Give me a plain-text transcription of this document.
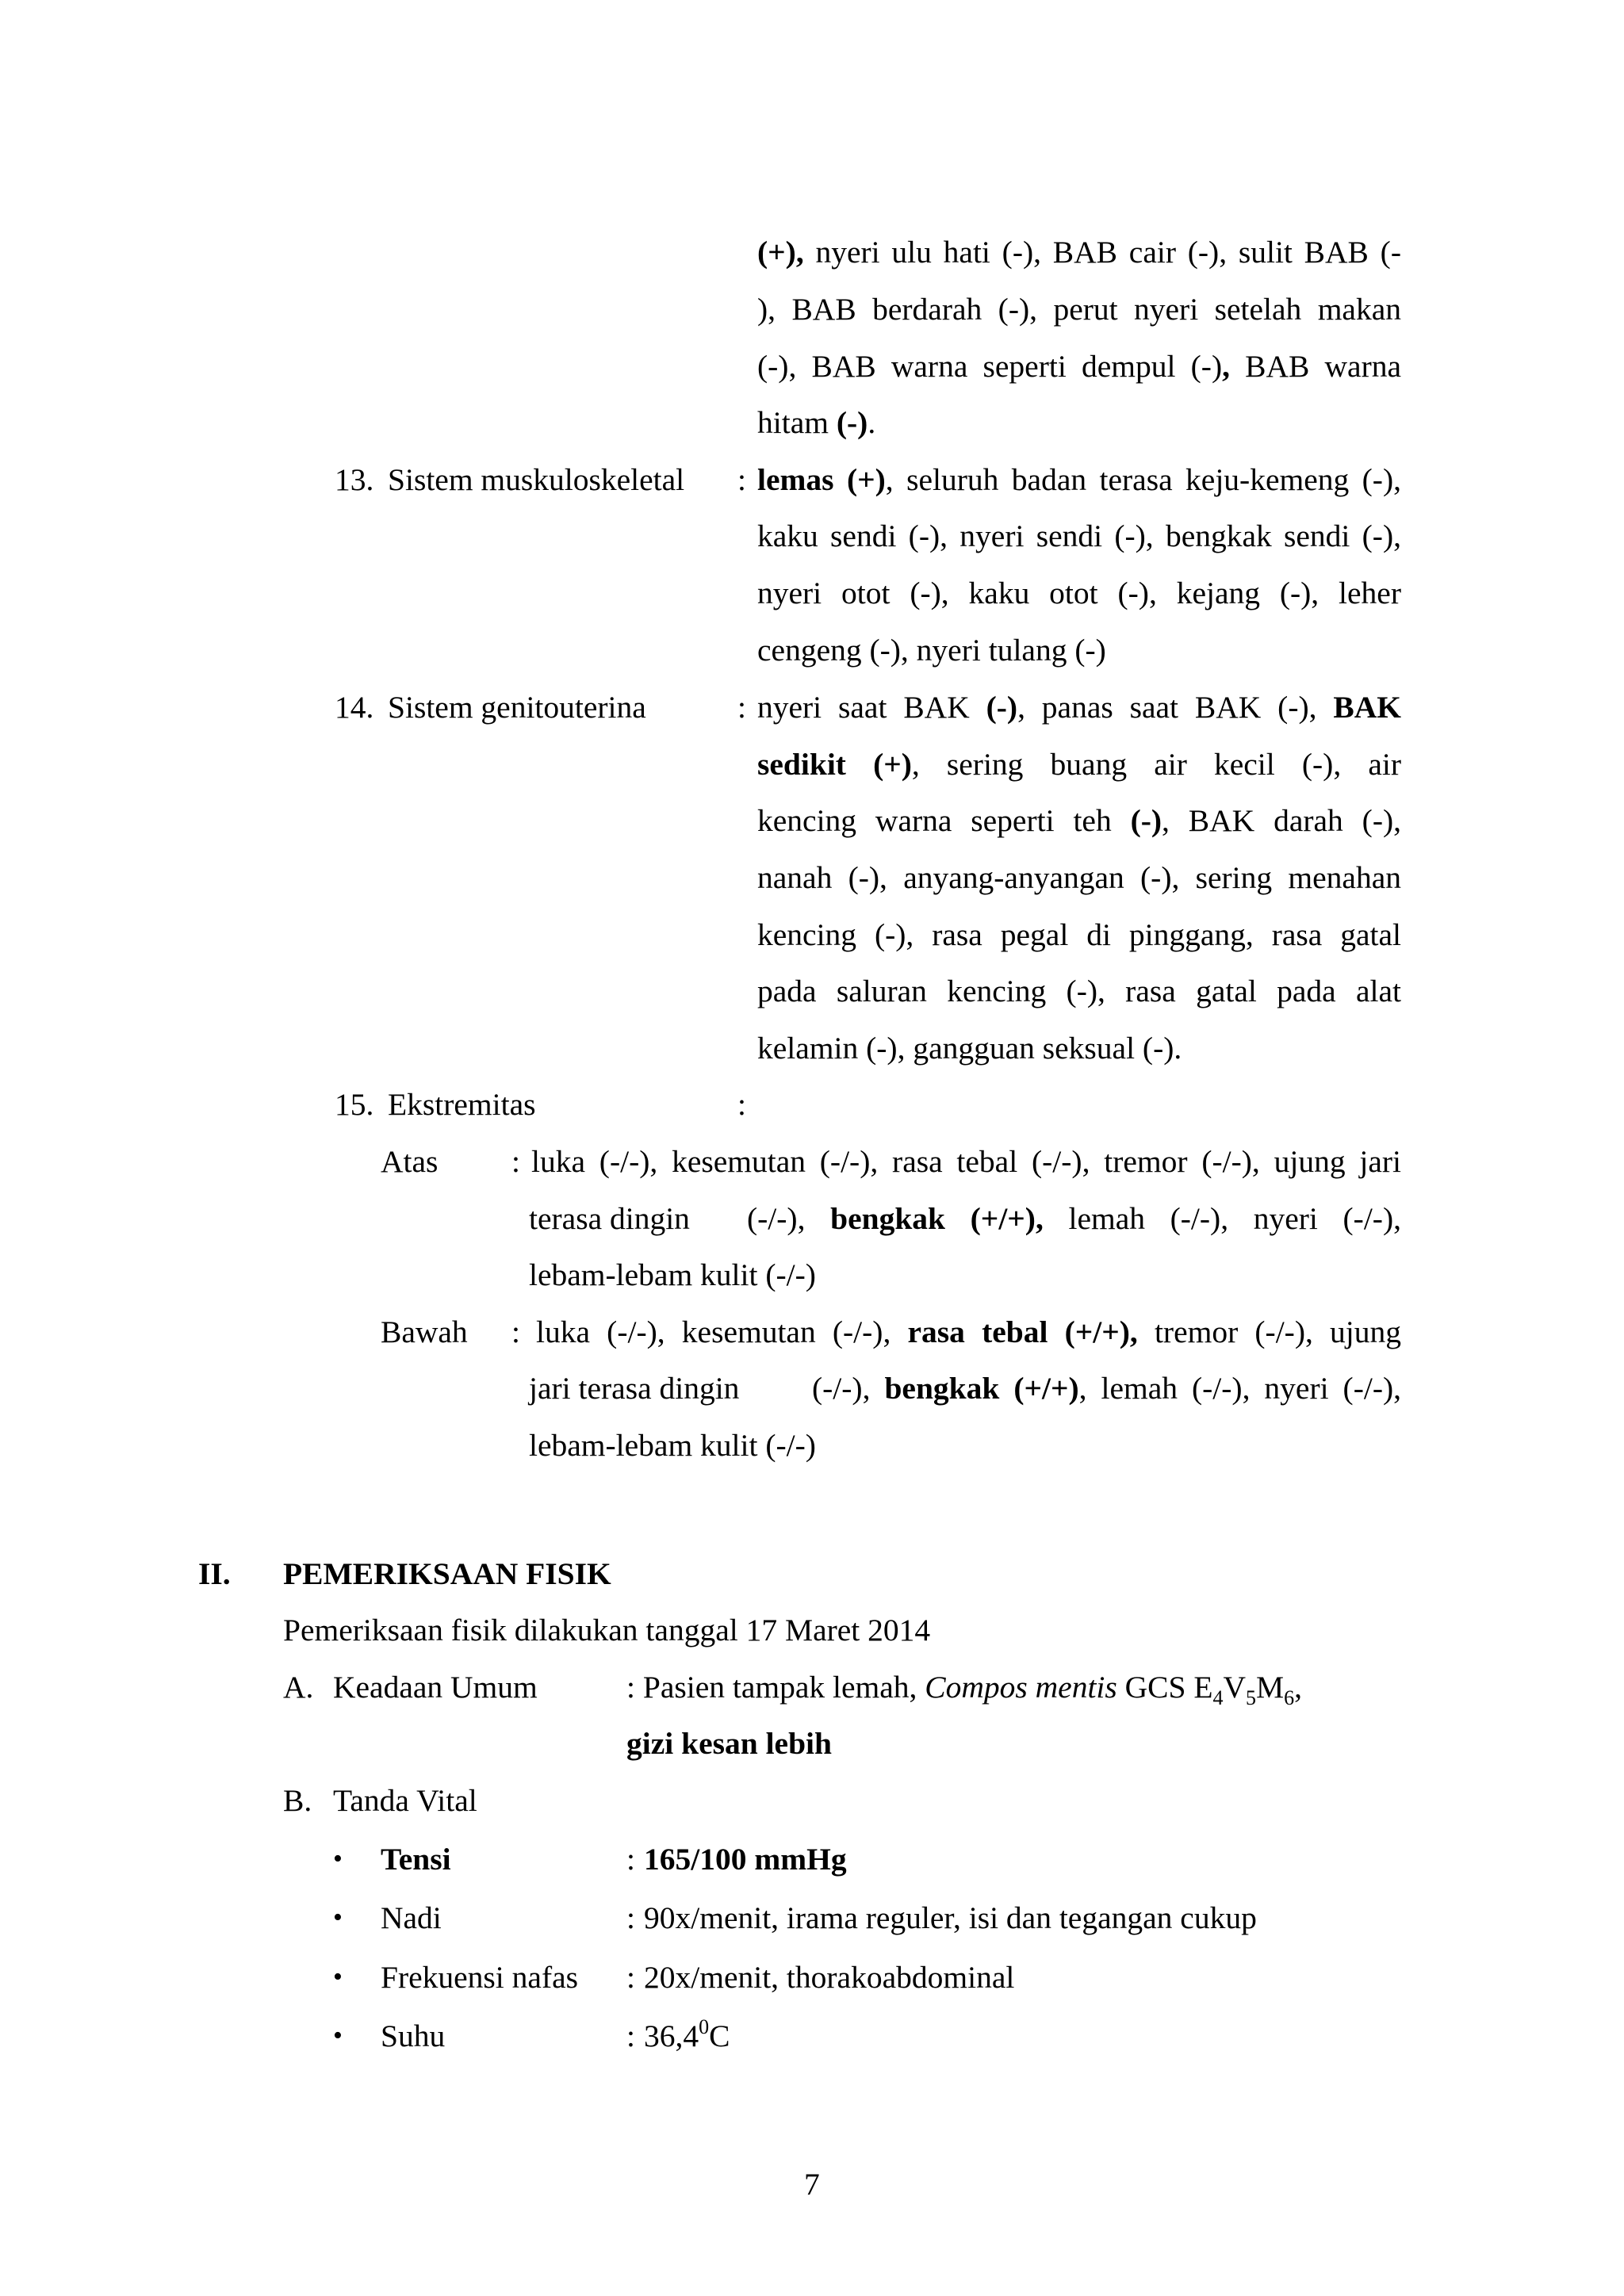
(+), nyeri ulu hati (-), BAB cair (-), sulit BAB (-
), BAB berdarah (-), perut nyeri setelah makan
(-), BAB warna seperti dempul (-), BAB warna
hitam (-).
13. Sistem muskuloskeletal : lemas (+), seluruh badan terasa keju-kemeng (-),
kaku sendi (-), nyeri sendi (-), bengkak sendi (-),
nyeri otot (-), kaku otot (-), kejang (-), leher
cengeng (-), nyeri tulang (-)
14. Sistem genitouterina	: nyeri saat BAK (-), panas saat BAK (-), BAK
sedikit (+), sering buang air kecil (-), air
kencing warna seperti teh (-), BAK darah (-),
nanah (-), anyang-anyangan (-), sering menahan
kencing (-), rasa pegal di pinggang, rasa gatal
pada saluran kencing (-), rasa gatal pada alat
kelamin (-), gangguan seksual (-).
15. Ekstremitas	:
Atas : luka (-/-), kesemutan (-/-), rasa tebal (-/-), tremor (-/-), ujung jari
terasa dingin (-/-), bengkak (+/+), lemah (-/-), nyeri (-/-),
lebam-lebam kulit (-/-)
Bawah : luka (-/-), kesemutan (-/-), rasa tebal (+/+), tremor (-/-), ujung
jari terasa dingin (-/-), bengkak (+/+), lemah (-/-), nyeri (-/-),
lebam-lebam kulit (-/-)
II. PEMERIKSAAN FISIK
Pemeriksaan fisik dilakukan tanggal 17 Maret 2014
A. Keadaan Umum	: Pasien tampak lemah, Compos mentis GCS $E_4V_5M_6$,
gizi kesan lebih
B. Tanda Vital
• Tensi	: 165/100 mmHg
• Nadi	: 90x/menit, irama reguler, isi dan tegangan cukup
• Frekuensi nafas : 20x/menit, thorakoabdominal
• Suhu	: 36,4$^0$C
7
